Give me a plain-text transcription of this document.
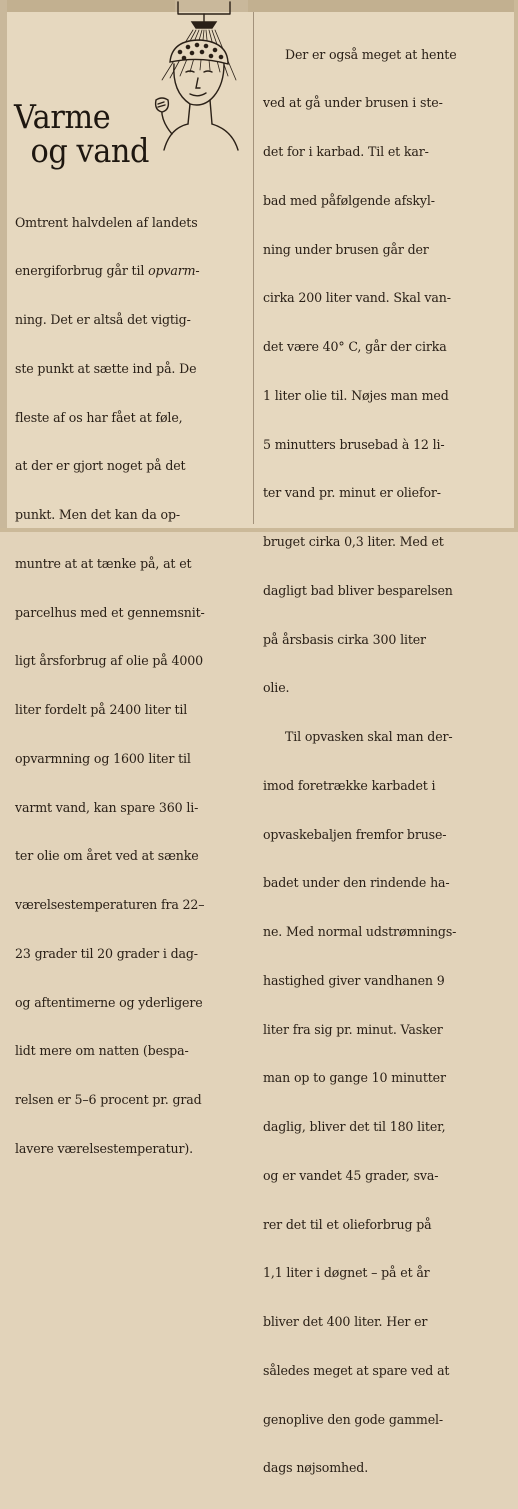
Varme
og vand

Omtrent halvdelen af landets

energiforbrug går til opvarm-

ning. Det er altså det vigtig-

ste punkt at sætte ind på. De

fleste af os har fået at føle,

at der er gjort noget på det

punkt. Men det kan da op-

muntre at at tænke på, at et

parcelhus med et gennemsnit-

ligt årsforbrug af olie på 4000

liter fordelt på 2400 liter til

opvarmning og 1600 liter til

varmt vand, kan spare 360 li-

ter olie om året ved at sænke

værelsestemperaturen fra 22–

23 grader til 20 grader i dag-

og aftentimerne og yderligere

lidt mere om natten (bespa-

relsen er 5–6 procent pr. grad

lavere værelsestemperatur).

Der er også meget at hente

ved at gå under brusen i ste-

det for i karbad. Til et kar-

bad med påfølgende afskyl-

ning under brusen går der

cirka 200 liter vand. Skal van-

det være 40° C, går der cirka

1 liter olie til. Nøjes man med

5 minutters brusebad à 12 li-

ter vand pr. minut er oliefor-

bruget cirka 0,3 liter. Med et

dagligt bad bliver besparelsen

på årsbasis cirka 300 liter

olie.

Til opvasken skal man der-

imod foretrække karbadet i

opvaskebaljen fremfor bruse-

badet under den rindende ha-

ne. Med normal udstrømnings-

hastighed giver vandhanen 9

liter fra sig pr. minut. Vasker

man op to gange 10 minutter

daglig, bliver det til 180 liter,

og er vandet 45 grader, sva-

rer det til et olieforbrug på

1,1 liter i døgnet – på et år

bliver det 400 liter. Her er

således meget at spare ved at

genoplive den gode gammel-

dags nøjsomhed.
